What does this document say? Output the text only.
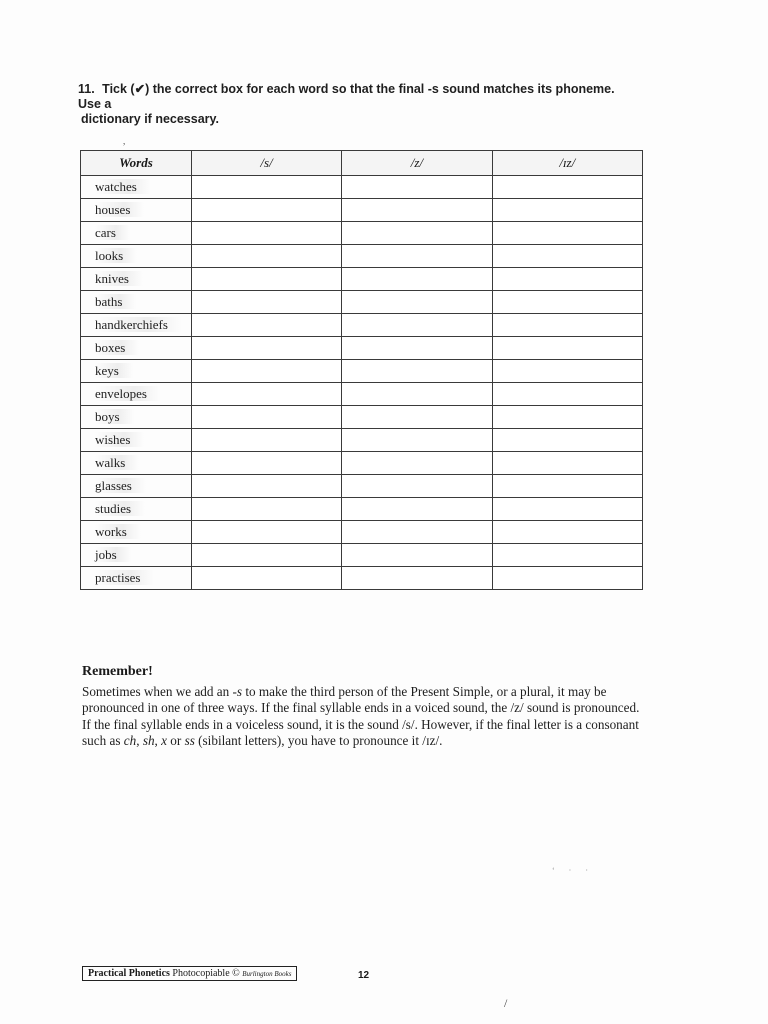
11. Tick (✔) the correct box for each word so that the final -s sound matches its phoneme. Use a
dictionary if necessary.
,
Words	/s/	/z/	/ɪz/
watches			
houses			
cars			
looks			
knives			
baths			
handkerchiefs			
boxes			
keys			
envelopes			
boys			
wishes			
walks			
glasses			
studies			
works			
jobs			
practises			
Remember!

Sometimes when we add an -s to make the third person of the Present Simple, or a plural, it may be pronounced in one of three ways. If the final syllable ends in a voiced sound, the /z/ sound is pronounced. If the final syllable ends in a voiceless sound, it is the sound /s/. However, if the final letter is a consonant such as ch, sh, x or ss (sibilant letters), you have to pronounce it /ɪz/.

‘ · ·
Practical Phonetics Photocopiable © Burlington Books	12
/
